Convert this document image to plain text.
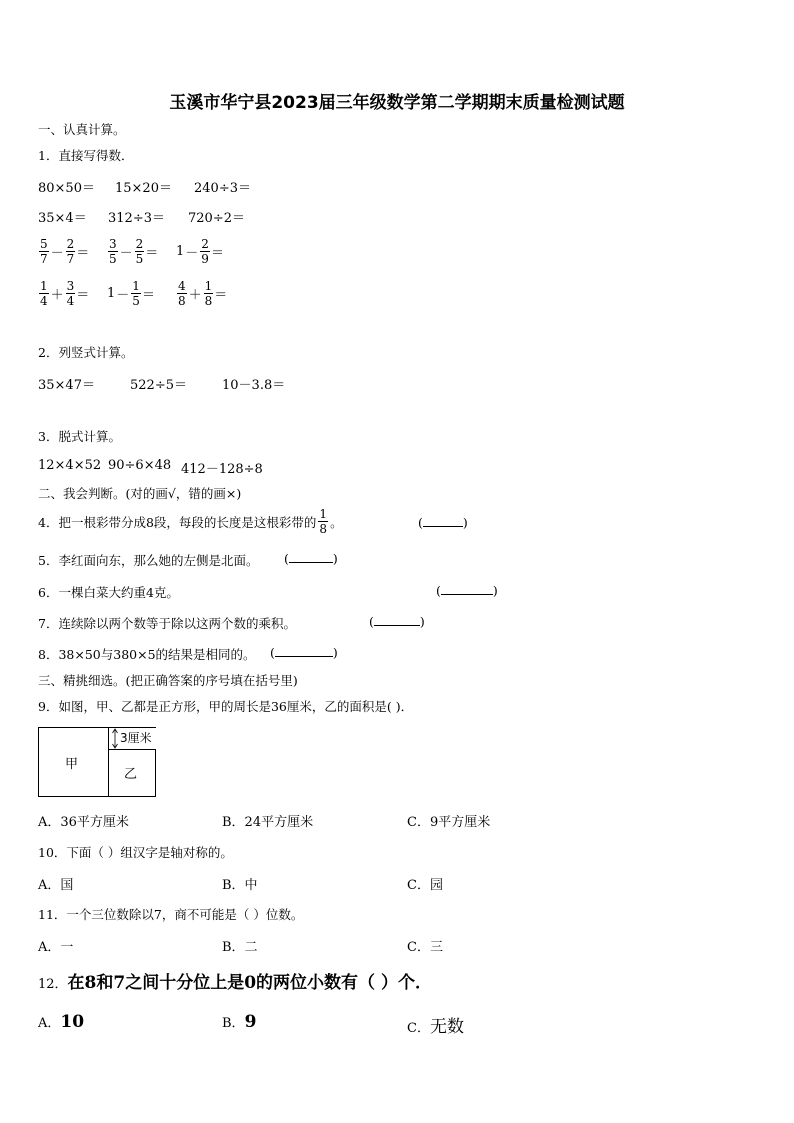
玉溪市华宁县2023届三年级数学第二学期期末质量检测试题
一、认真计算。
1．直接写得数．
80×50＝ 15×20＝ 240÷3＝
35×4＝ 312÷3＝ 720÷2＝
$\frac{5}{7} - \frac{2}{7} = \frac{3}{5} - \frac{2}{5} = 1 - \frac{2}{9}$ ＝
$\frac{1}{4} + \frac{3}{4} = 1 - \frac{1}{5} = \frac{4}{8} + \frac{1}{8}$ ＝
2．列竖式计算。
35×47＝	522÷5＝	10－3.8＝
3．脱式计算。
12×4×52 90÷6×48 412－128÷8
二、我会判断。(对的画√，错的画×)
4．把一根彩带分成8段，每段的长度是这根彩带的 $\frac{1}{8}$ 。	(	)
5．李红面向东，那么她的左侧是北面。 (	)
6．一棵白菜大约重4克。	(	)
7．连续除以两个数等于除以这两个数的乘积。	(	)
8．38×50与380×5的结果是相同的。 (	)
三、精挑细选。(把正确答案的序号填在括号里)
9．如图，甲、乙都是正方形，甲的周长是36厘米，乙的面积是( )．
3厘米
甲
乙
A．36平方厘米	B．24平方厘米	C．9平方厘米
10．下面（ ）组汉字是轴对称的。
A．国	B．中	C．园
11．一个三位数除以7，商不可能是（ ）位数。
A．一	B．二	C．三
12． 在8和7之间十分位上是0的两位小数有（ ）个．
A． 10	B． 9	C． 无数
